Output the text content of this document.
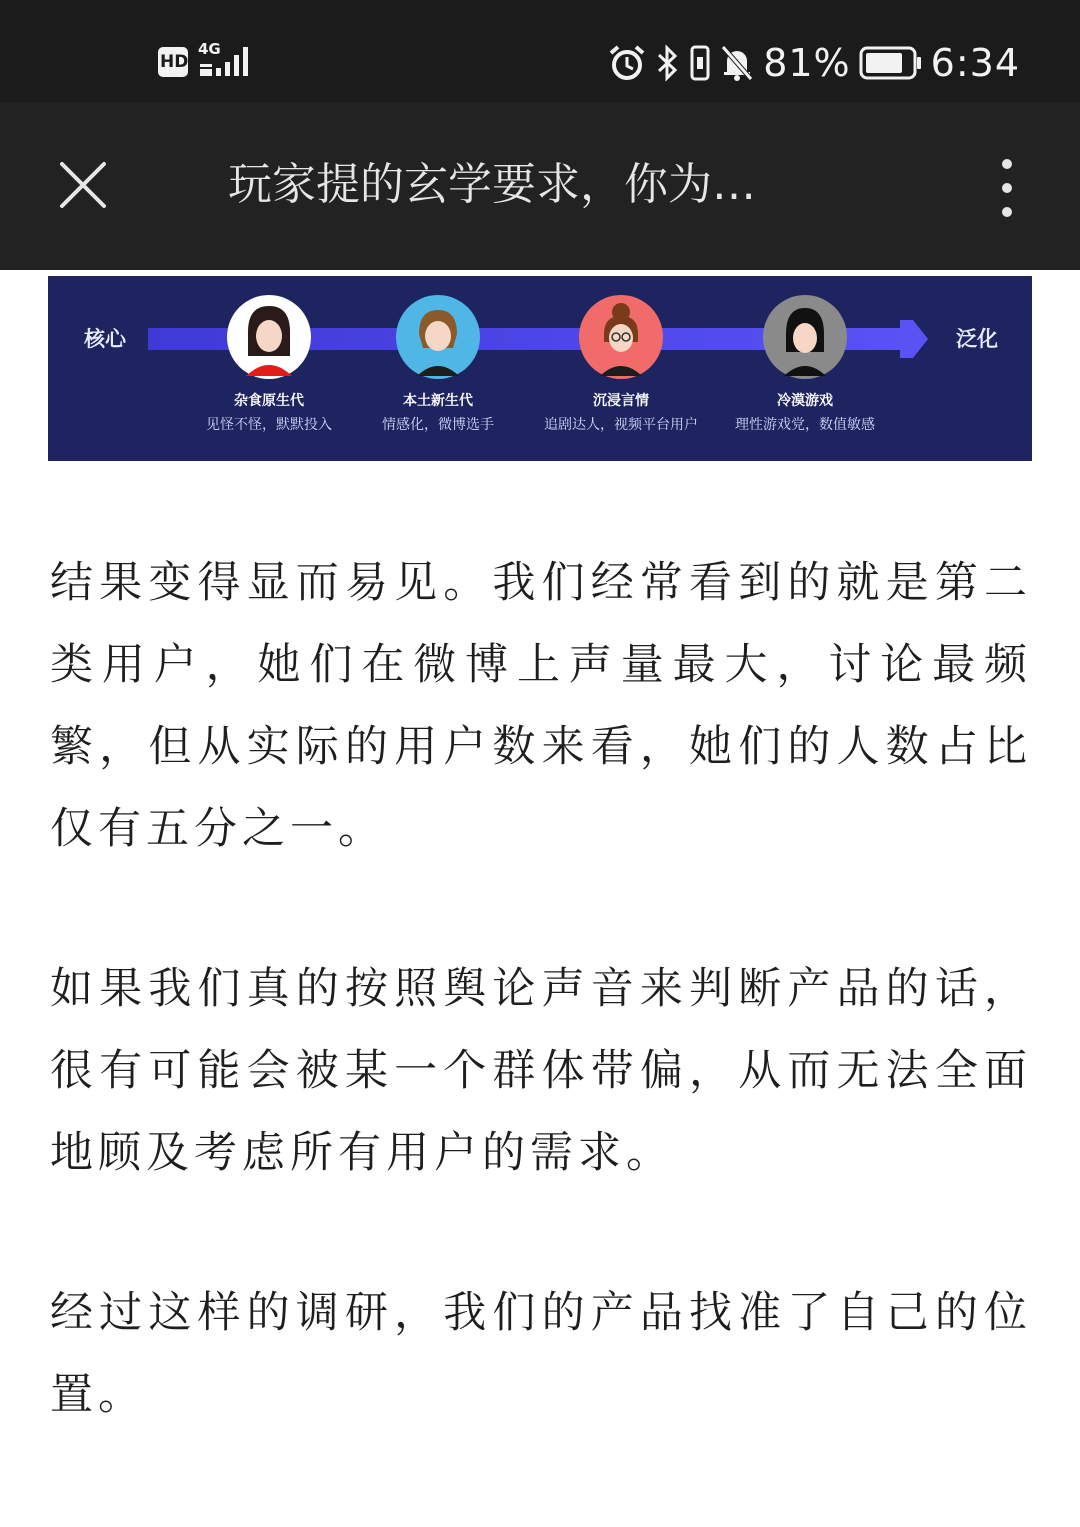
HD
4G	81% 6:34
玩家提的玄学要求，你为…
核心	泛化
杂食原生代
见怪不怪，默默投入
本土新生代
情感化，微博选手
沉浸言情
追剧达人，视频平台用户
冷漠游戏
理性游戏党，数值敏感

结果变得显而易见。我们经常看到的就是第二类用户，她们在微博上声量最大，讨论最频繁，但从实际的用户数来看，她们的人数占比仅有五分之一。

如果我们真的按照舆论声音来判断产品的话，很有可能会被某一个群体带偏，从而无法全面地顾及考虑所有用户的需求。

经过这样的调研，我们的产品找准了自己的位置。
